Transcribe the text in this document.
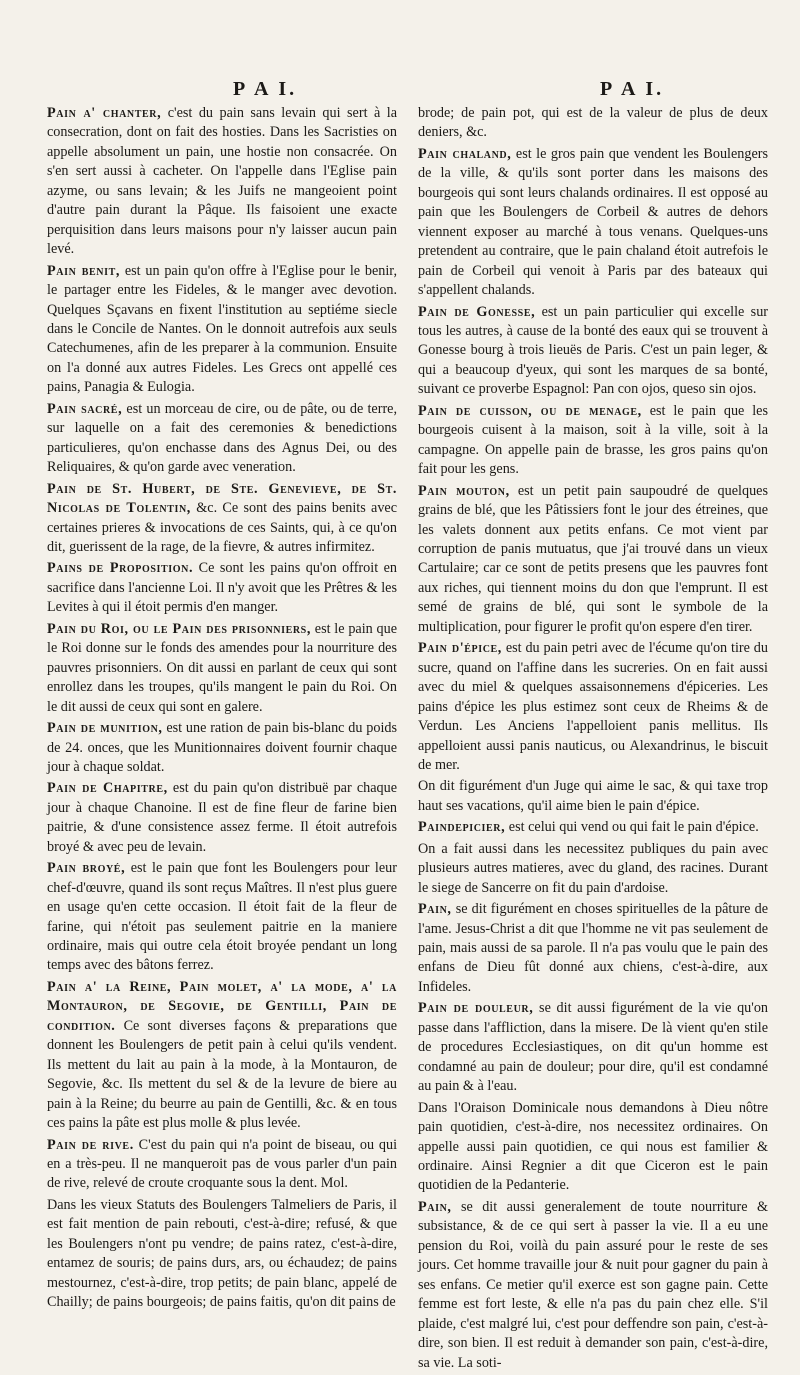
P A I.	P A I.

Pain a' chanter, c'est du pain sans levain qui sert à la consecration, dont on fait des hosties. Dans les Sacristies on appelle absolument un pain, une hostie non consacrée. On s'en sert aussi à cacheter. On l'appelle dans l'Eglise pain azyme, ou sans levain; & les Juifs ne mangeoient point d'autre pain durant la Pâque. Ils faisoient une exacte perquisition dans leurs maisons pour n'y laisser aucun pain levé.

Pain benit, est un pain qu'on offre à l'Eglise pour le benir, le partager entre les Fideles, & le manger avec devotion. Quelques Sçavans en fixent l'institution au septiéme siecle dans le Concile de Nantes. On le donnoit autrefois aux seuls Catechumenes, afin de les preparer à la communion. Ensuite on l'a donné aux autres Fideles. Les Grecs ont appellé ces pains, Panagia & Eulogia.

Pain sacré, est un morceau de cire, ou de pâte, ou de terre, sur laquelle on a fait des ceremonies & benedictions particulieres, qu'on enchasse dans des Agnus Dei, ou des Reliquaires, & qu'on garde avec veneration.

Pain de St. Hubert, de Ste. Genevieve, de St. Nicolas de Tolentin, &c. Ce sont des pains benits avec certaines prieres & invocations de ces Saints, qui, à ce qu'on dit, guerissent de la rage, de la fievre, & autres infirmitez.

Pains de Proposition. Ce sont les pains qu'on offroit en sacrifice dans l'ancienne Loi. Il n'y avoit que les Prêtres & les Levites à qui il étoit permis d'en manger.

Pain du Roi, ou le Pain des prisonniers, est le pain que le Roi donne sur le fonds des amendes pour la nourriture des pauvres prisonniers. On dit aussi en parlant de ceux qui sont enrollez dans les troupes, qu'ils mangent le pain du Roi. On le dit aussi de ceux qui sont en galere.

Pain de munition, est une ration de pain bis-blanc du poids de 24. onces, que les Munitionnaires doivent fournir chaque jour à chaque soldat.

Pain de Chapitre, est du pain qu'on distribuë par chaque jour à chaque Chanoine. Il est de fine fleur de farine bien paitrie, & d'une consistence assez ferme. Il étoit autrefois broyé & avec peu de levain.

Pain broyé, est le pain que font les Boulengers pour leur chef-d'œuvre, quand ils sont reçus Maîtres. Il n'est plus guere en usage qu'en cette occasion. Il étoit fait de la fleur de farine, qui n'étoit pas seulement paitrie en la maniere ordinaire, mais qui outre cela étoit broyée pendant un long temps avec des bâtons ferrez.

Pain a' la Reine, Pain molet, a' la mode, a' la Montauron, de Segovie, de Gentilli, Pain de condition. Ce sont diverses façons & preparations que donnent les Boulengers de petit pain à celui qu'ils vendent. Ils mettent du lait au pain à la mode, à la Montauron, de Segovie, &c. Ils mettent du sel & de la levure de biere au pain à la Reine; du beurre au pain de Gentilli, &c. & en tous ces pains la pâte est plus molle & plus levée.

Pain de rive. C'est du pain qui n'a point de biseau, ou qui en a très-peu. Il ne manqueroit pas de vous parler d'un pain de rive, relevé de croute croquante sous la dent. Mol.

Dans les vieux Statuts des Boulengers Talmeliers de Paris, il est fait mention de pain rebouti, c'est-à-dire; refusé, & que les Boulengers n'ont pu vendre; de pains ratez, c'est-à-dire, entamez de souris; de pains durs, ars, ou échaudez; de pains mestournez, c'est-à-dire, trop petits; de pain blanc, appelé de Chailly; de pains bourgeois; de pains faitis, qu'on dit pains de

brode; de pain pot, qui est de la valeur de plus de deux deniers, &c.

Pain chaland, est le gros pain que vendent les Boulengers de la ville, & qu'ils sont porter dans les maisons des bourgeois qui sont leurs chalands ordinaires. Il est opposé au pain que les Boulengers de Corbeil & autres de dehors viennent exposer au marché à tous venans. Quelques-uns pretendent au contraire, que le pain chaland étoit autrefois le pain de Corbeil qui venoit à Paris par des bateaux qui s'appellent chalands.

Pain de Gonesse, est un pain particulier qui excelle sur tous les autres, à cause de la bonté des eaux qui se trouvent à Gonesse bourg à trois lieuës de Paris. C'est un pain leger, & qui a beaucoup d'yeux, qui sont les marques de sa bonté, suivant ce proverbe Espagnol: Pan con ojos, queso sin ojos.

Pain de cuisson, ou de menage, est le pain que les bourgeois cuisent à la maison, soit à la ville, soit à la campagne. On appelle pain de brasse, les gros pains qu'on fait pour les gens.

Pain mouton, est un petit pain saupoudré de quelques grains de blé, que les Pâtissiers font le jour des étreines, que les valets donnent aux petits enfans. Ce mot vient par corruption de panis mutuatus, que j'ai trouvé dans un vieux Cartulaire; car ce sont de petits presens que les pauvres font aux riches, qui tiennent moins du don que l'emprunt. Il est semé de grains de blé, qui sont le symbole de la multiplication, pour figurer le profit qu'on espere d'en tirer.

Pain d'épice, est du pain petri avec de l'écume qu'on tire du sucre, quand on l'affine dans les sucreries. On en fait aussi avec du miel & quelques assaisonnemens d'épiceries. Les pains d'épice les plus estimez sont ceux de Rheims & de Verdun. Les Anciens l'appelloient panis mellitus. Ils appelloient aussi panis nauticus, ou Alexandrinus, le biscuit de mer.

On dit figurément d'un Juge qui aime le sac, & qui taxe trop haut ses vacations, qu'il aime bien le pain d'épice.

Paindepicier, est celui qui vend ou qui fait le pain d'épice.

On a fait aussi dans les necessitez publiques du pain avec plusieurs autres matieres, avec du gland, des racines. Durant le siege de Sancerre on fit du pain d'ardoise.

Pain, se dit figurément en choses spirituelles de la pâture de l'ame. Jesus-Christ a dit que l'homme ne vit pas seulement de pain, mais aussi de sa parole. Il n'a pas voulu que le pain des enfans de Dieu fût donné aux chiens, c'est-à-dire, aux Infideles.

Pain de douleur, se dit aussi figurément de la vie qu'on passe dans l'affliction, dans la misere. De là vient qu'en stile de procedures Ecclesiastiques, on dit qu'un homme est condamné au pain de douleur; pour dire, qu'il est condamné au pain & à l'eau.

Dans l'Oraison Dominicale nous demandons à Dieu nôtre pain quotidien, c'est-à-dire, nos necessitez ordinaires. On appelle aussi pain quotidien, ce qui nous est familier & ordinaire. Ainsi Regnier a dit que Ciceron est le pain quotidien de la Pedanterie.

Pain, se dit aussi generalement de toute nourriture & subsistance, & de ce qui sert à passer la vie. Il a eu une pension du Roi, voilà du pain assuré pour le reste de ses jours. Cet homme travaille jour & nuit pour gagner du pain à ses enfans. Ce metier qu'il exerce est son gagne pain. Cette femme est fort leste, & elle n'a pas du pain chez elle. S'il plaide, c'est malgré lui, c'est pour deffendre son pain, c'est-à-dire, son bien. Il est reduit à demander son pain, c'est-à-dire, sa vie. La soti-
